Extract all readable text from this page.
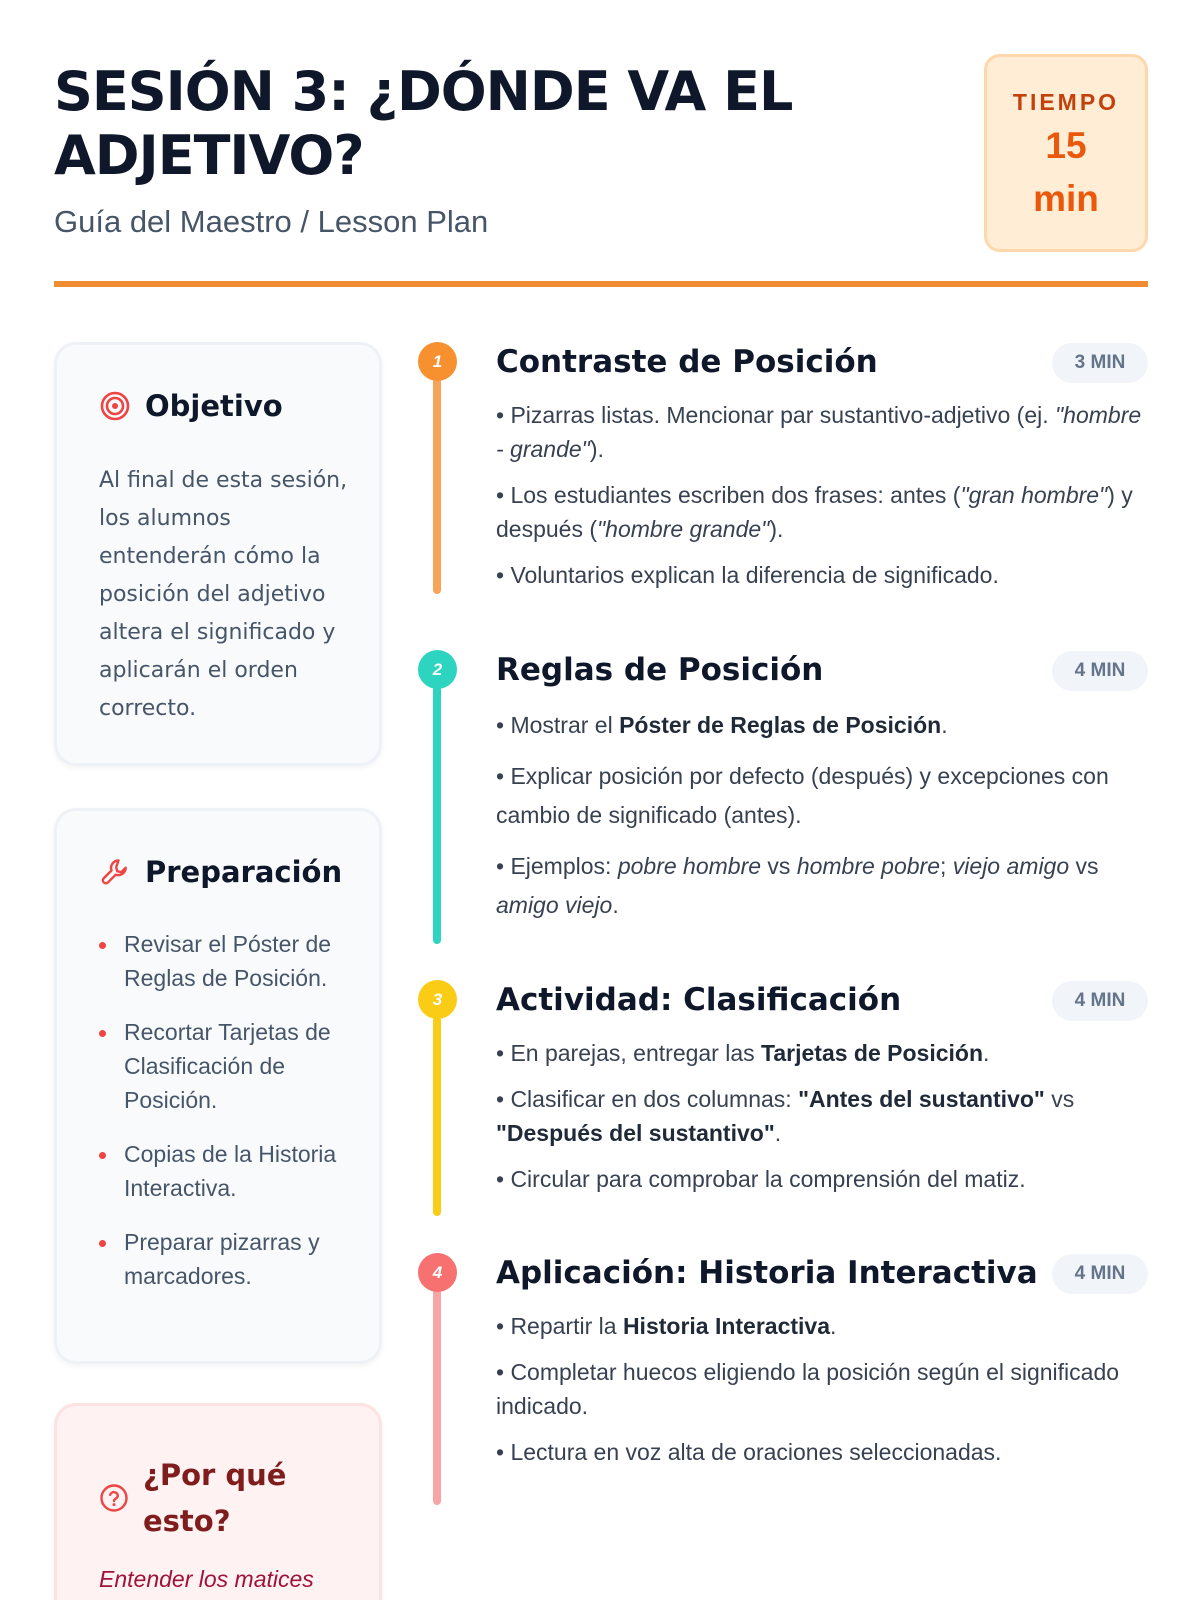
SESIÓN 3: ¿DÓNDE VA EL ADJETIVO?
Guía del Maestro / Lesson Plan
TIEMPO
15
min
Objetivo

Al final de esta sesión, los alumnos entenderán cómo la posición del adjetivo altera el significado y aplicarán el orden correcto.

Preparación
Revisar el Póster de Reglas de Posición.
Recortar Tarjetas de Clasificación de Posición.
Copias de la Historia Interactiva.
Preparar pizarras y marcadores.
¿Por qué esto?

Entender los matices

1	Contraste de Posición	3 MIN

• Pizarras listas. Mencionar par sustantivo-adjetivo (ej. "hombre - grande").

• Los estudiantes escriben dos frases: antes ("gran hombre") y después ("hombre grande").

• Voluntarios explican la diferencia de significado.

2	Reglas de Posición	4 MIN

• Mostrar el Póster de Reglas de Posición.

• Explicar posición por defecto (después) y excepciones con cambio de significado (antes).

• Ejemplos: pobre hombre vs hombre pobre; viejo amigo vs amigo viejo.

3	Actividad: Clasificación	4 MIN

• En parejas, entregar las Tarjetas de Posición.

• Clasificar en dos columnas: "Antes del sustantivo" vs "Después del sustantivo".

• Circular para comprobar la comprensión del matiz.

4	Aplicación: Historia Interactiva	4 MIN

• Repartir la Historia Interactiva.

• Completar huecos eligiendo la posición según el significado indicado.

• Lectura en voz alta de oraciones seleccionadas.
